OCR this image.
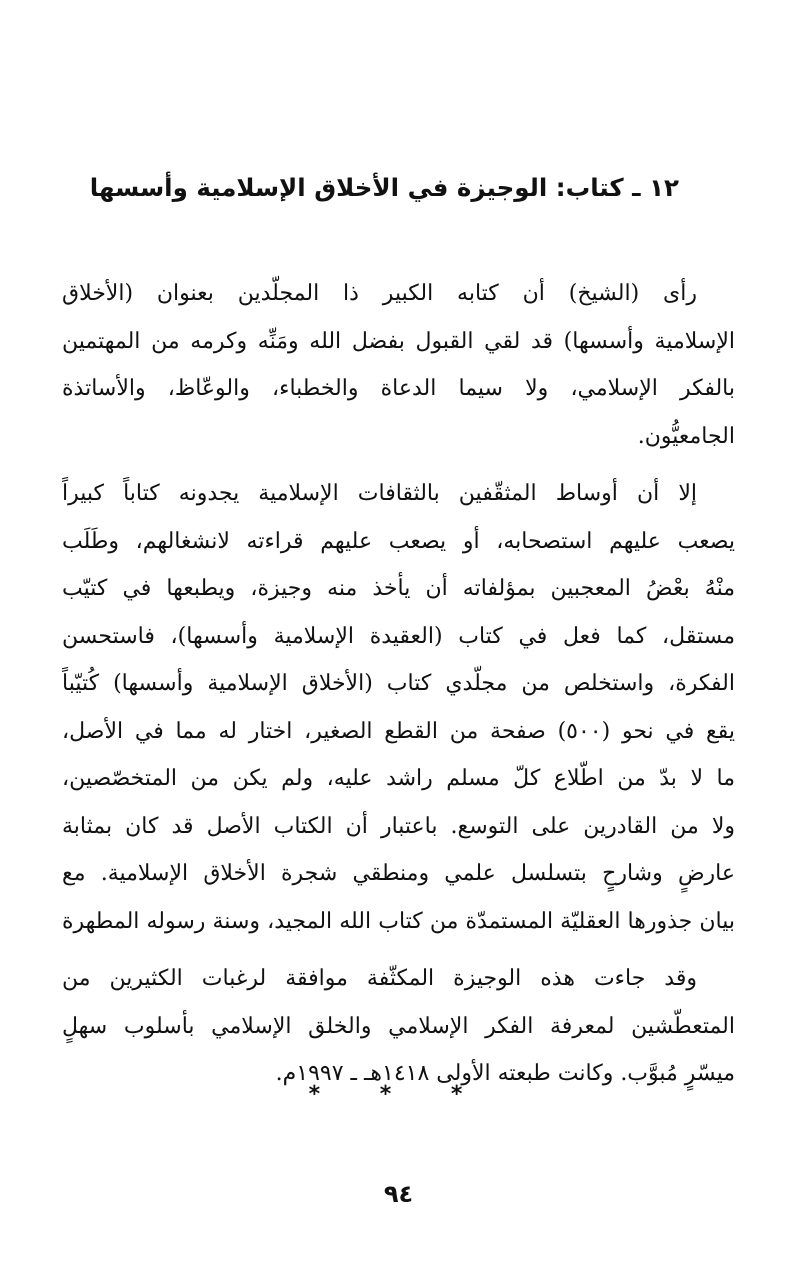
١٢ ـ كتاب: الوجيزة في الأخلاق الإسلامية وأسسها
رأى (الشيخ) أن كتابه الكبير ذا المجلّدين بعنوان (الأخلاق
الإسلامية وأسسها) قد لقي القبول بفضل الله ومَنِّه وكرمه من المهتمين
بالفكر الإسلامي، ولا سيما الدعاة والخطباء، والوعّاظ، والأساتذة
الجامعيُّون.
إلا أن أوساط المثقّفين بالثقافات الإسلامية يجدونه كتاباً كبيراً
يصعب عليهم استصحابه، أو يصعب عليهم قراءته لانشغالهم، وطَلَب
منْهُ بعْضُ المعجبين بمؤلفاته أن يأخذ منه وجيزة، ويطبعها في كتيّب
مستقل، كما فعل في كتاب (العقيدة الإسلامية وأسسها)، فاستحسن
الفكرة، واستخلص من مجلّدي كتاب (الأخلاق الإسلامية وأسسها) كُتيّباً
يقع في نحو (٥٠٠) صفحة من القطع الصغير، اختار له مما في الأصل،
ما لا بدّ من اطّلاع كلّ مسلم راشد عليه، ولم يكن من المتخصّصين،
ولا من القادرين على التوسع. باعتبار أن الكتاب الأصل قد كان بمثابة
عارضٍ وشارحٍ بتسلسل علمي ومنطقي شجرة الأخلاق الإسلامية. مع
بيان جذورها العقليّة المستمدّة من كتاب الله المجيد، وسنة رسوله المطهرة
وقد جاءت هذه الوجيزة المكثّفة موافقة لرغبات الكثيرين من
المتعطّشين لمعرفة الفكر الإسلامي والخلق الإسلامي بأسلوب سهلٍ
ميسّرٍ مُبوَّب. وكانت طبعته الأولى ١٤١٨هـ ـ ١٩٩٧م.
* * *
٩٤
